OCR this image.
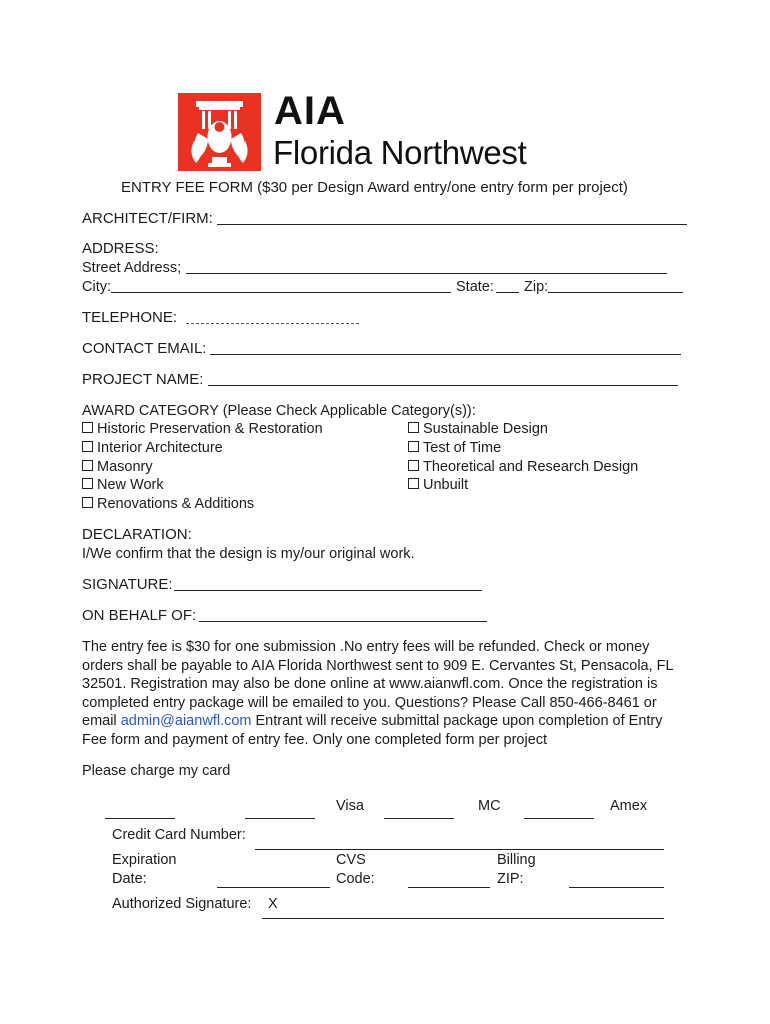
AIA
Florida Northwest
ENTRY FEE FORM ($30 per Design Award entry/one entry form per project)
ARCHITECT/FIRM:
ADDRESS:
Street Address;
City:	State: Zip:
TELEPHONE:
CONTACT EMAIL:
PROJECT NAME:
AWARD CATEGORY (Please Check Applicable Category(s)):
Historic Preservation & Restoration
Interior Architecture
Masonry
New Work
Renovations & Additions
Sustainable Design
Test of Time
Theoretical and Research Design
Unbuilt
DECLARATION:
I/We confirm that the design is my/our original work.
SIGNATURE:
ON BEHALF OF:
The entry fee is $30 for one submission .No entry fees will be refunded. Check or money orders shall be payable to AIA Florida Northwest sent to 909 E. Cervantes St, Pensacola, FL 32501. Registration may also be done online at www.aianwfl.com. Once the registration is completed entry package will be emailed to you. Questions? Please Call 850-466-8461 or email admin@aianwfl.com Entrant will receive submittal package upon completion of Entry Fee form and payment of entry fee. Only one completed form per project
Please charge my card
Visa	MC	Amex
Credit Card Number:
Expiration
Date:
CVS
Code:
Billing
ZIP:
Authorized Signature: X
